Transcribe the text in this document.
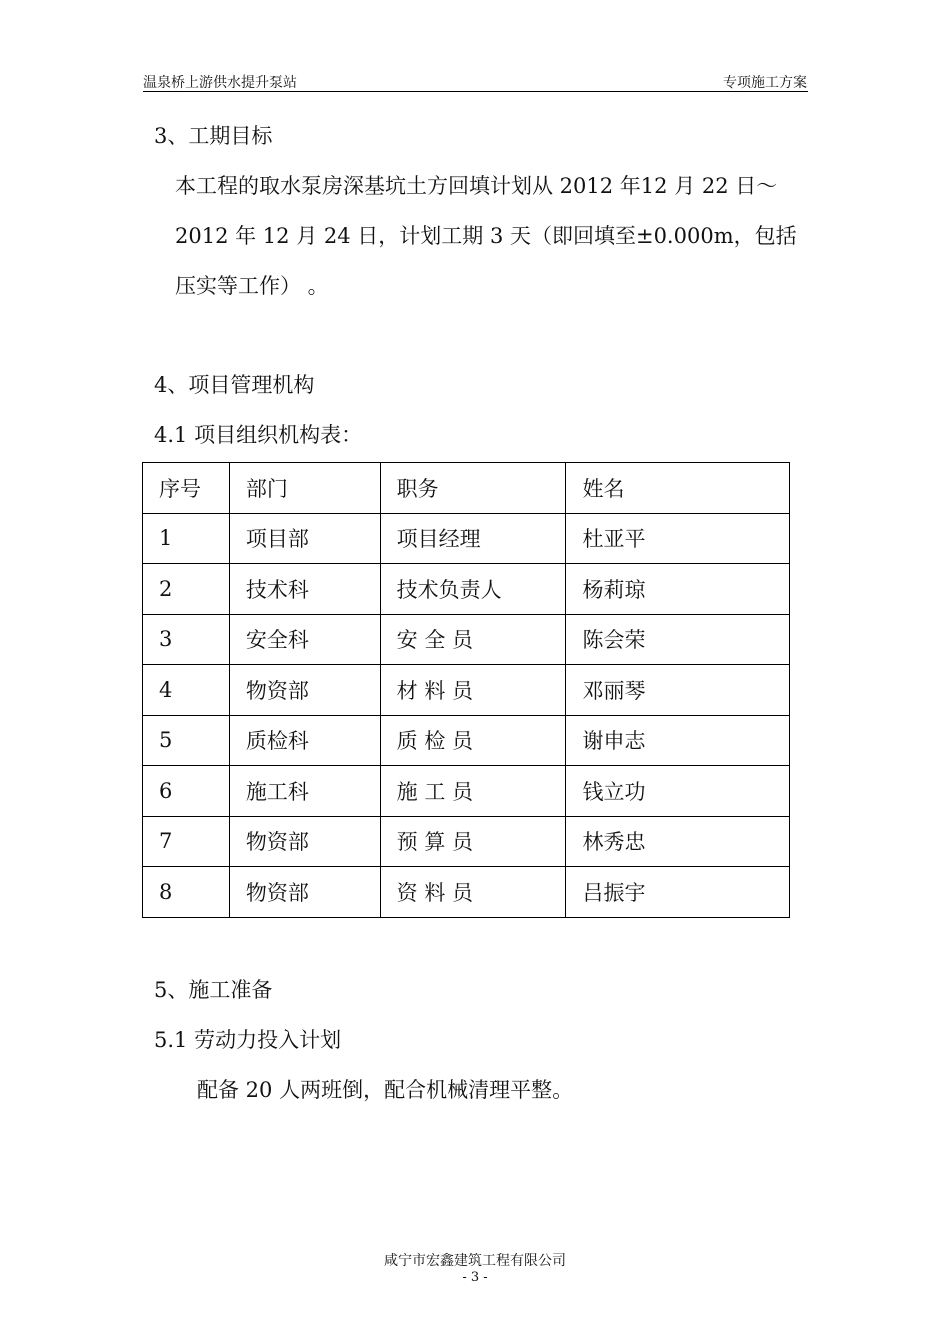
温泉桥上游供水提升泵站	专项施工方案
3、工期目标
本工程的取水泵房深基坑土方回填计划从 2012 年12 月 22 日～
2012 年 12 月 24 日，计划工期 3 天（即回填至±0.000m，包括
压实等工作） 。
4、项目管理机构
4.1 项目组织机构表：
序号	部门	职务	姓名
1	项目部	项目经理	杜亚平
2	技术科	技术负责人	杨莉琼
3	安全科	安 全 员	陈会荣
4	物资部	材 料 员	邓丽琴
5	质检科	质 检 员	谢申志
6	施工科	施 工 员	钱立功
7	物资部	预 算 员	林秀忠
8	物资部	资 料 员	吕振宇
5、施工准备
5.1 劳动力投入计划
配备 20 人两班倒，配合机械清理平整。
咸宁市宏鑫建筑工程有限公司
- 3 -
